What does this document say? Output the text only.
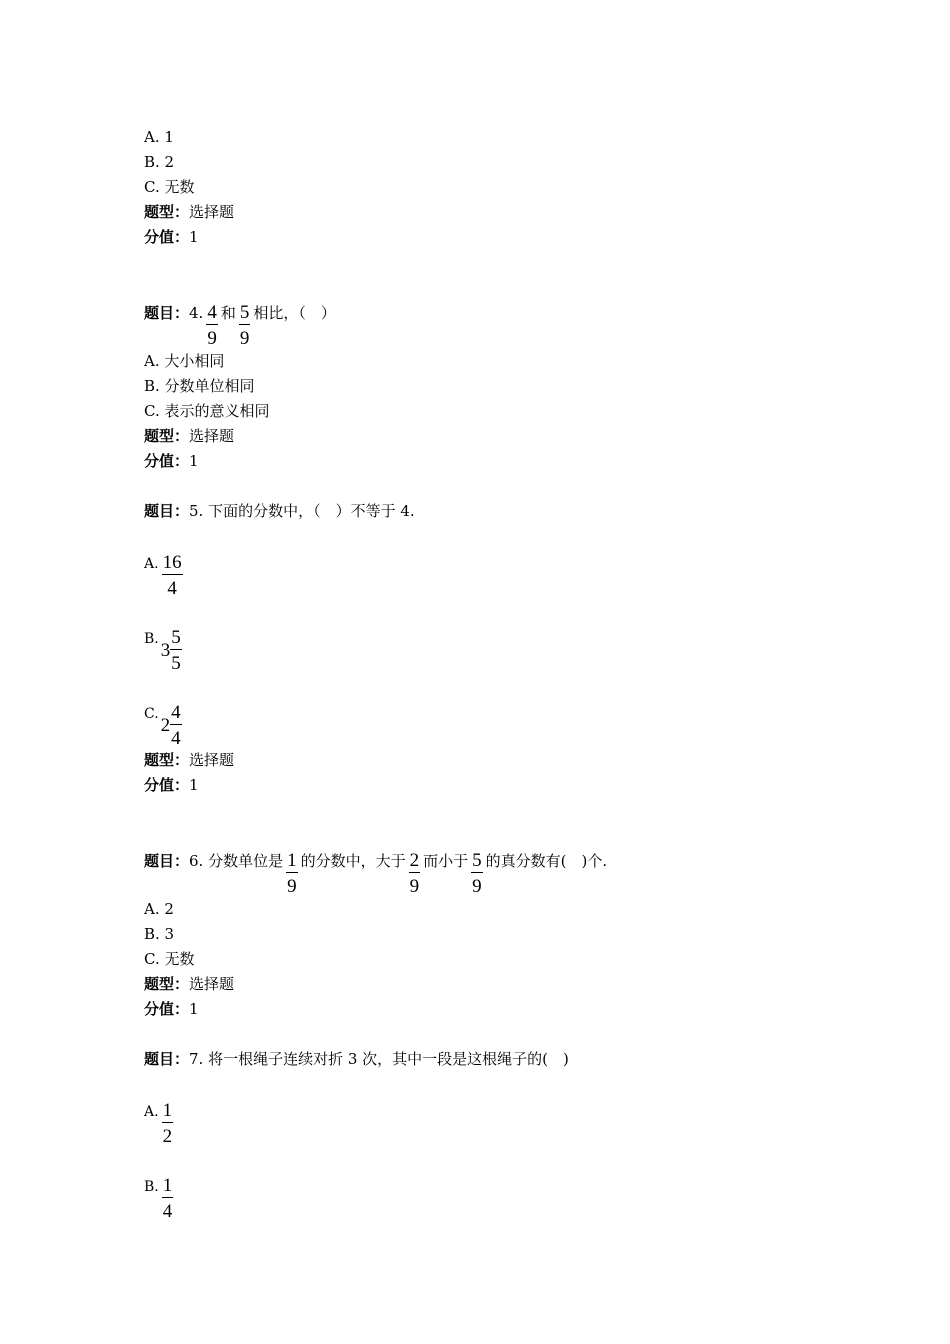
A. 1
B. 2
C. 无数
题型：选择题
分值：1
题目：4. $\frac{4}{9}$ 和 $\frac{5}{9}$ 相比，（　）
A. 大小相同
B. 分数单位相同
C. 表示的意义相同
题型：选择题
分值：1
题目：5. 下面的分数中，（　）不等于 4.
A. $\frac{16}{4}$
$B.3 \frac{5}{5}$
$C.2 \frac{4}{4}$
题型：选择题
分值：1
题目：6. 分数单位是 $\frac{1}{9}$ 的分数中，大于 $\frac{2}{9}$ 而小于 $\frac{5}{9}$ 的真分数有(　)个.
A. 2
B. 3
C. 无数
题型：选择题
分值：1
题目：7. 将一根绳子连续对折 3 次，其中一段是这根绳子的(　)
A. $\frac{1}{2}$
B. $\frac{1}{4}$
